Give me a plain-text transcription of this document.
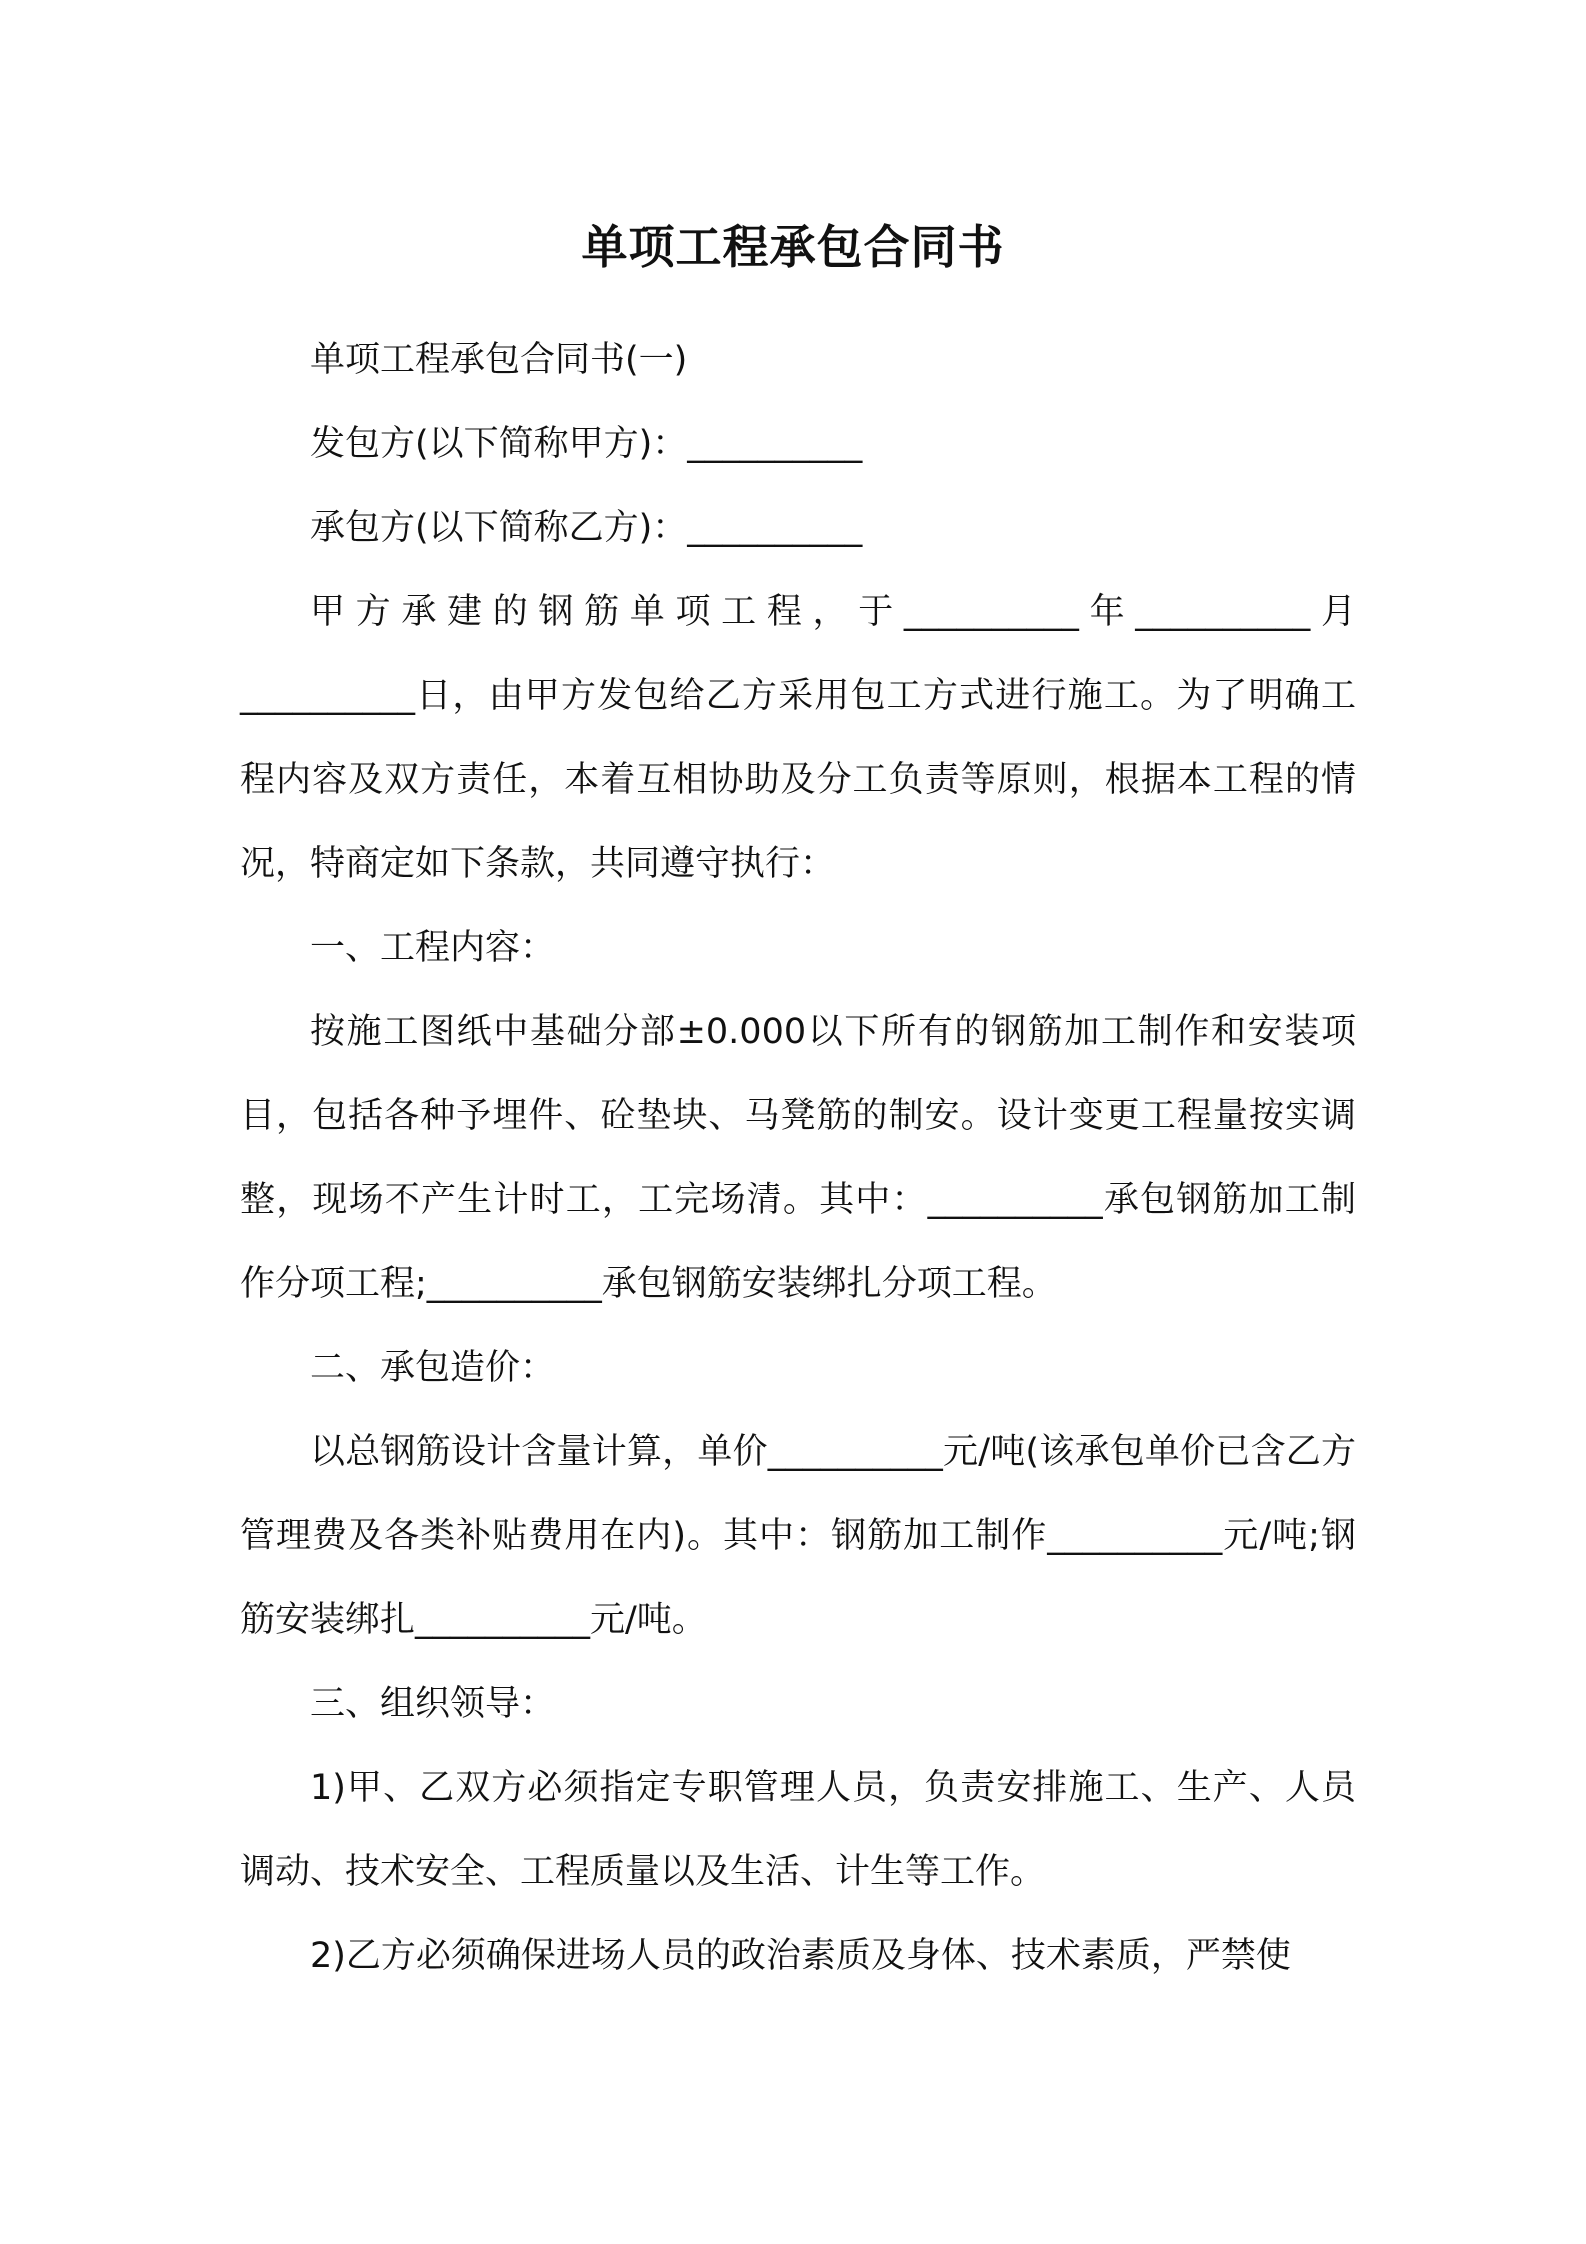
单项工程承包合同书

单项工程承包合同书(一)

发包方(以下简称甲方)：__________

承包方(以下简称乙方)：__________

甲方承建的钢筋单项工程，于__________年__________月__________日，由甲方发包给乙方采用包工方式进行施工。为了明确工程内容及双方责任，本着互相协助及分工负责等原则，根据本工程的情况，特商定如下条款，共同遵守执行：

一、工程内容：

按施工图纸中基础分部±0.000以下所有的钢筋加工制作和安装项目，包括各种予埋件、砼垫块、马凳筋的制安。设计变更工程量按实调整，现场不产生计时工，工完场清。其中：__________承包钢筋加工制作分项工程;__________承包钢筋安装绑扎分项工程。

二、承包造价：

以总钢筋设计含量计算，单价__________元/吨(该承包单价已含乙方管理费及各类补贴费用在内)。其中：钢筋加工制作__________元/吨;钢筋安装绑扎__________元/吨。

三、组织领导：

1)甲、乙双方必须指定专职管理人员，负责安排施工、生产、人员调动、技术安全、工程质量以及生活、计生等工作。

2)乙方必须确保进场人员的政治素质及身体、技术素质，严禁使
